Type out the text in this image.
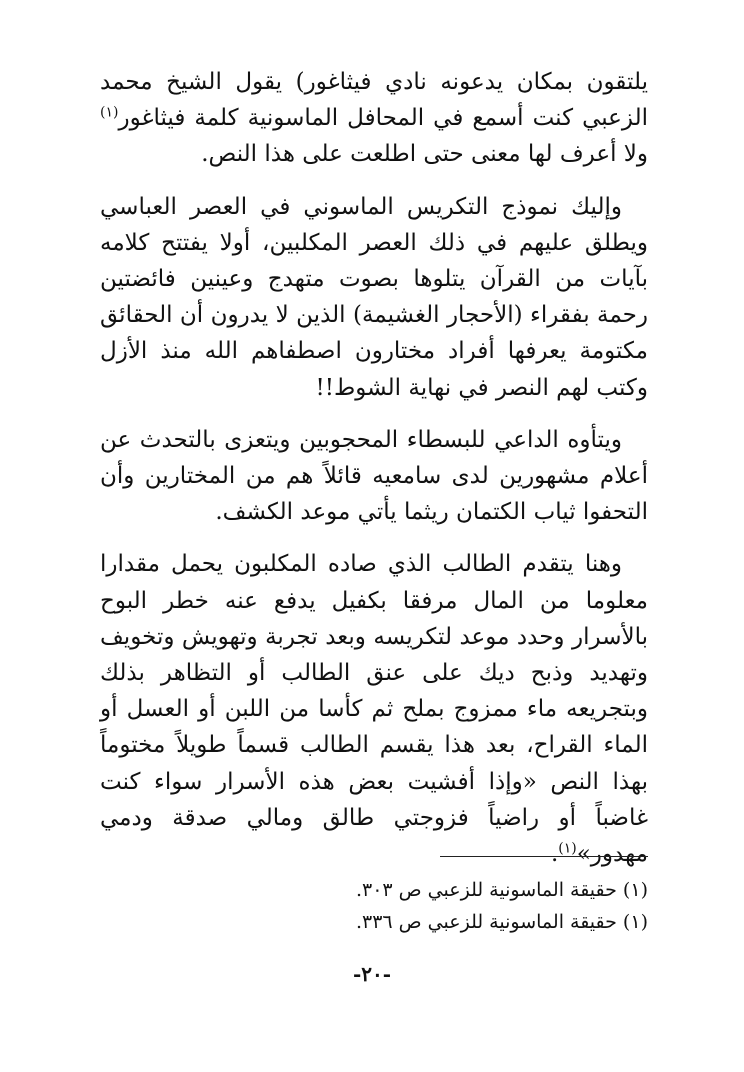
يلتقون بمكان يدعونه نادي فيثاغور) يقول الشيخ محمد الزعبي كنت أسمع في المحافل الماسونية كلمة فيثاغور$^{(١)}$ ولا أعرف لها معنى حتى اطلعت على هذا النص.

وإليك نموذج التكريس الماسوني في العصر العباسي ويطلق عليهم في ذلك العصر المكلبين، أولا يفتتح كلامه بآيات من القرآن يتلوها بصوت متهدج وعينين فائضتين رحمة بفقراء (الأحجار الغشيمة) الذين لا يدرون أن الحقائق مكتومة يعرفها أفراد مختارون اصطفاهم الله منذ الأزل وكتب لهم النصر في نهاية الشوط!!

ويتأوه الداعي للبسطاء المحجوبين ويتعزى بالتحدث عن أعلام مشهورين لدى سامعيه قائلاً هم من المختارين وأن التحفوا ثياب الكتمان ريثما يأتي موعد الكشف.

وهنا يتقدم الطالب الذي صاده المكلبون يحمل مقدارا معلوما من المال مرفقا بكفيل يدفع عنه خطر البوح بالأسرار وحدد موعد لتكريسه وبعد تجربة وتهويش وتخويف وتهديد وذبح ديك على عنق الطالب أو التظاهر بذلك وبتجريعه ماء ممزوج بملح ثم كأسا من اللبن أو العسل أو الماء القراح، بعد هذا يقسم الطالب قسماً طويلاً مختوماً بهذا النص «وإذا أفشيت بعض هذه الأسرار سواء كنت غاضباً أو راضياً فزوجتي طالق ومالي صدقة ودمي مهدور»$^{(١)}$.

(١) حقيقة الماسونية للزعبي ص ٣٠٣.

(١) حقيقة الماسونية للزعبي ص ٣٣٦.

-٢٠-
